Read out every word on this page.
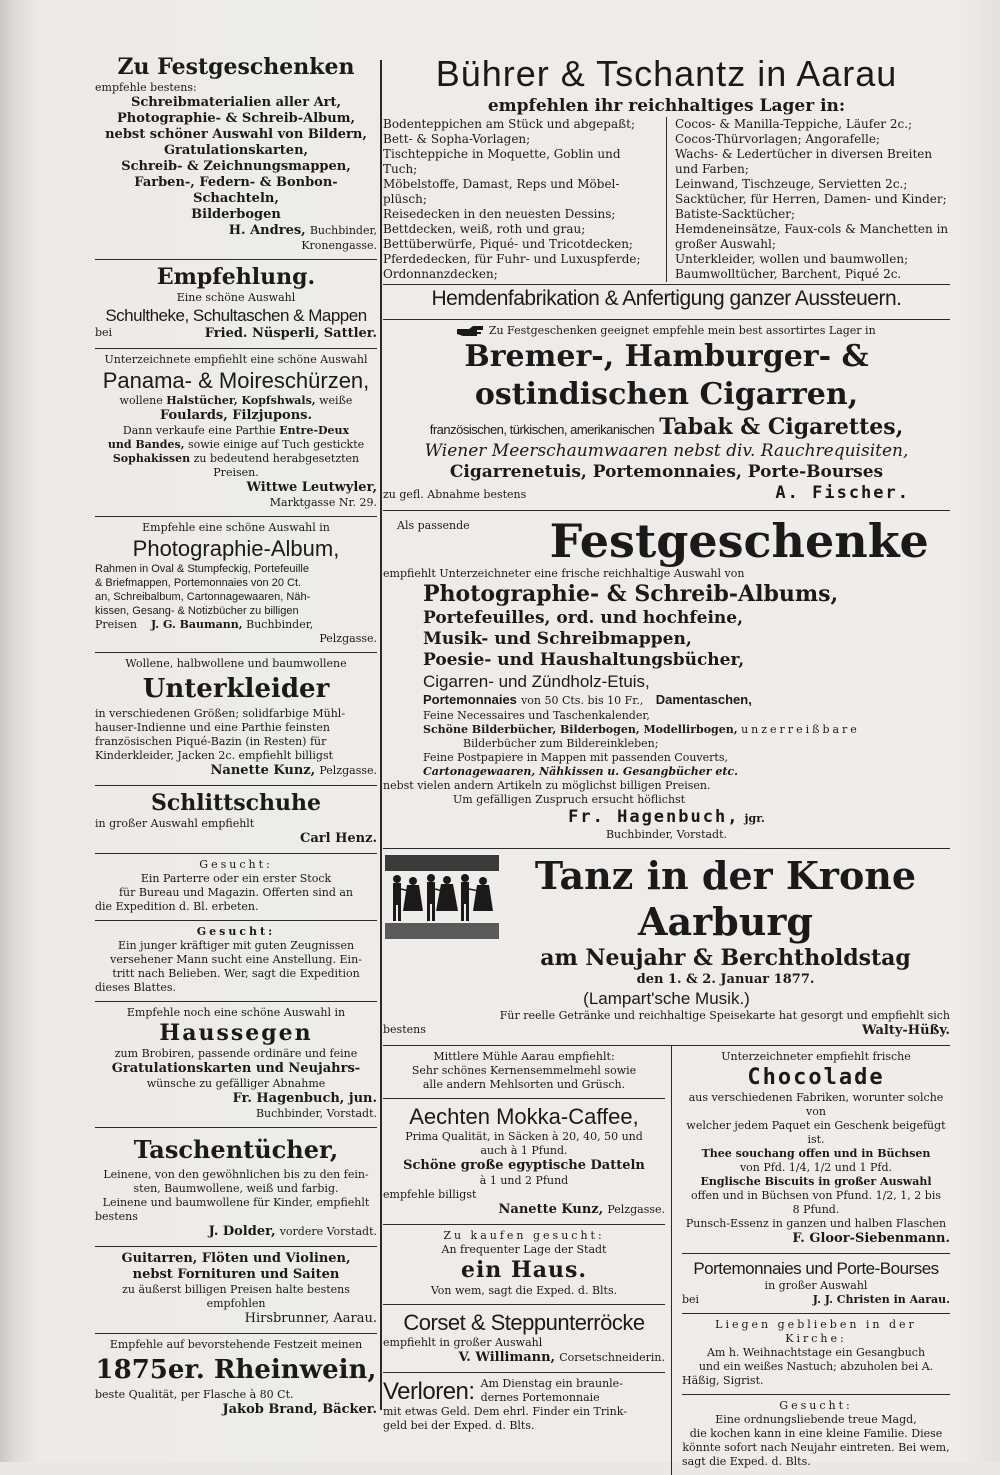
Zu Festgeschenken
empfehle bestens:
Schreibmaterialien aller Art,
Photographie- & Schreib-Album,
nebst schöner Auswahl von Bildern,
Gratulationskarten,
Schreib- & Zeichnungsmappen,
Farben-, Federn- & Bonbon-Schachteln,
Bilderbogen
H. Andres, Buchbinder,
Kronengasse.
Empfehlung.
Eine schöne Auswahl
Schultheke, Schultaschen & Mappen
bei	Fried. Nüsperli, Sattler.
Unterzeichnete empfiehlt eine schöne Auswahl
Panama- & Moireschürzen,
wollene Halstücher, Kopfshwals, weiße
Foulards, Filzjupons.
Dann verkaufe eine Parthie Entre-Deux
und Bandes, sowie einige auf Tuch gestickte
Sophakissen zu bedeutend herabgesetzten Preisen.
Wittwe Leutwyler,
Marktgasse Nr. 29.
Empfehle eine schöne Auswahl in
Photographie-Album,
Rahmen in Oval & Stumpfeckig, Portefeuille
& Briefmappen, Portemonnaies von 20 Ct.
an, Schreibalbum, Cartonnagewaaren, Näh-
kissen, Gesang- & Notizbücher zu billigen
Preisen J. G. Baumann, Buchbinder,
Pelzgasse.
Wollene, halbwollene und baumwollene
Unterkleider
in verschiedenen Größen; solidfarbige Mühl-
hauser-Indienne und eine Parthie feinsten
französischen Piqué-Bazin (in Resten) für
Kinderkleider, Jacken 2c. empfiehlt billigst
Nanette Kunz, Pelzgasse.
Schlittschuhe
in großer Auswahl empfiehlt
Carl Henz.
Gesucht:
Ein Parterre oder ein erster Stock
für Bureau und Magazin. Offerten sind an
die Expedition d. Bl. erbeten.
Gesucht:
Ein junger kräftiger mit guten Zeugnissen
versehener Mann sucht eine Anstellung. Ein-
tritt nach Belieben. Wer, sagt die Expedition
dieses Blattes.
Empfehle noch eine schöne Auswahl in
Haussegen
zum Brobiren, passende ordinäre und feine
Gratulationskarten und Neujahrs-
wünsche zu gefälliger Abnahme
Fr. Hagenbuch, jun.
Buchbinder, Vorstadt.
Taschentücher,
Leinene, von den gewöhnlichen bis zu den fein-
sten, Baumwollene, weiß und farbig.
Leinene und baumwollene für Kinder, empfiehlt
bestens
J. Dolder, vordere Vorstadt.
Guitarren, Flöten und Violinen,
nebst Fornituren und Saiten
zu äußerst billigen Preisen halte bestens empfohlen
Hirsbrunner, Aarau.
Empfehle auf bevorstehende Festzeit meinen
1875er. Rheinwein,
beste Qualität, per Flasche à 80 Ct.
Jakob Brand, Bäcker.
Bührer & Tschantz in Aarau
empfehlen ihr reichhaltiges Lager in:
Bodenteppichen am Stück und abgepaßt;
Bett- & Sopha-Vorlagen;
Tischteppiche in Moquette, Goblin und Tuch;
Möbelstoffe, Damast, Reps und Möbel-plüsch;
Reisedecken in den neuesten Dessins;
Bettdecken, weiß, roth und grau;
Bettüberwürfe, Piqué- und Tricotdecken;
Pferdedecken, für Fuhr- und Luxuspferde;
Ordonnanzdecken;
Cocos- & Manilla-Teppiche, Läufer 2c.;
Cocos-Thürvorlagen; Angorafelle;
Wachs- & Ledertücher in diversen Breiten und Farben;
Leinwand, Tischzeuge, Servietten 2c.;
Sacktücher, für Herren, Damen- und Kinder;
Batiste-Sacktücher;
Hemdeneinsätze, Faux-cols & Manchetten in großer Auswahl;
Unterkleider, wollen und baumwollen;
Baumwolltücher, Barchent, Piqué 2c.
Hemdenfabrikation & Anfertigung ganzer Aussteuern.
Zu Festgeschenken geeignet empfehle mein best assortirtes Lager in
Bremer-, Hamburger- & ostindischen Cigarren,
französischen, türkischen, amerikanischen Tabak & Cigarettes,
Wiener Meerschaumwaaren nebst div. Rauchrequisiten,
Cigarrenetuis, Portemonnaies, Porte-Bourses
zu gefl. Abnahme bestens	A. Fischer.
Als passende Festgeschenke
empfiehlt Unterzeichneter eine frische reichhaltige Auswahl von
Photographie- & Schreib-Albums,
Portefeuilles, ord. und hochfeine,
Musik- und Schreibmappen,
Poesie- und Haushaltungsbücher,
Cigarren- und Zündholz-Etuis,
Portemonnaies von 50 Cts. bis 10 Fr., Damentaschen,
Feine Necessaires und Taschenkalender,
Schöne Bilderbücher, Bilderbogen, Modellirbogen, unzerreißbare
Bilderbücher zum Bildereinkleben;
Feine Postpapiere in Mappen mit passenden Couverts,
Cartonagewaaren, Nähkissen u. Gesangbücher etc.
nebst vielen andern Artikeln zu möglichst billigen Preisen.
Um gefälligen Zuspruch ersucht höflichst
Fr. Hagenbuch, jgr.
Buchbinder, Vorstadt.
Tanz in der Krone Aarburg
am Neujahr & Berchtholdstag
den 1. & 2. Januar 1877.
(Lampart'sche Musik.)
Für reelle Getränke und reichhaltige Speisekarte hat gesorgt und empfiehlt sich
bestens	Walty-Hüßy.
Mittlere Mühle Aarau empfiehlt:
Sehr schönes Kernensemmelmehl sowie
alle andern Mehlsorten und Grüsch.
Aechten Mokka-Caffee,
Prima Qualität, in Säcken à 20, 40, 50 und
auch à 1 Pfund.
Schöne große egyptische Datteln
à 1 und 2 Pfund
empfehle billigst
Nanette Kunz, Pelzgasse.
Zu kaufen gesucht:
An frequenter Lage der Stadt
ein Haus.
Von wem, sagt die Exped. d. Blts.
Corset & Steppunterröcke
empfiehlt in großer Auswahl
V. Willimann, Corsetschneiderin.
Verloren: Am Dienstag ein braunle-
dernes Portemonnaie
mit etwas Geld. Dem ehrl. Finder ein Trink-
geld bei der Exped. d. Blts.
Unterzeichneter empfiehlt frische
Chocolade
aus verschiedenen Fabriken, worunter solche von
welcher jedem Paquet ein Geschenk beigefügt ist.
Thee souchang offen und in Büchsen
von Pfd. 1/4, 1/2 und 1 Pfd.
Englische Biscuits in großer Auswahl
offen und in Büchsen von Pfund. 1/2, 1, 2 bis
8 Pfund.
Punsch-Essenz in ganzen und halben Flaschen
F. Gloor-Siebenmann.
Portemonnaies und Porte-Bourses
in großer Auswahl
bei	J. J. Christen in Aarau.
Liegen geblieben in der Kirche:
Am h. Weihnachtstage ein Gesangbuch
und ein weißes Nastuch; abzuholen bei A.
Häßig, Sigrist.
Gesucht:
Eine ordnungsliebende treue Magd,
die kochen kann in eine kleine Familie. Diese
könnte sofort nach Neujahr eintreten. Bei wem,
sagt die Exped. d. Blts.
